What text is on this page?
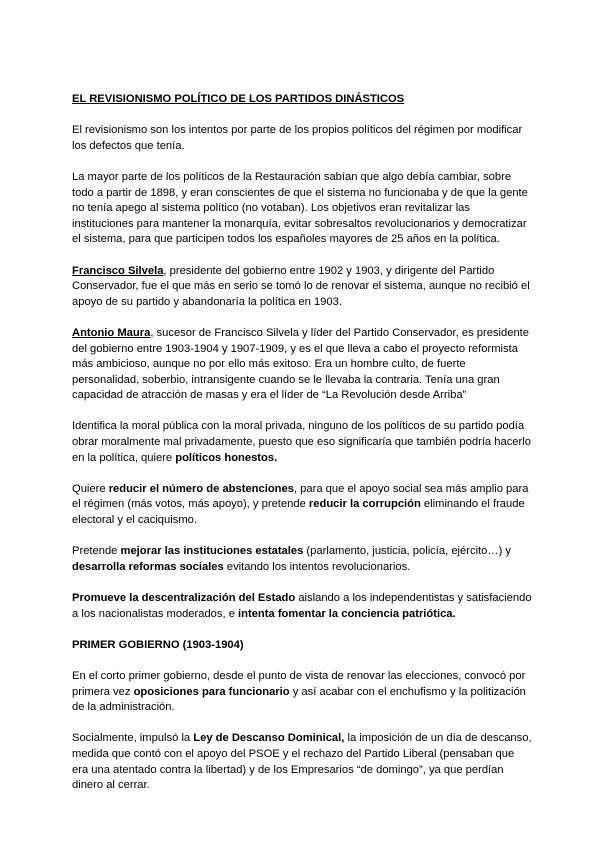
EL REVISIONISMO POLÍTICO DE LOS PARTIDOS DINÁSTICOS

El revisionismo son los intentos por parte de los propios políticos del régimen por modificar los defectos que tenía.

La mayor parte de los políticos de la Restauración sabían que algo debía cambiar, sobre todo a partir de 1898, y eran conscientes de que el sistema no funcionaba y de que la gente no tenía apego al sistema político (no votaban). Los objetivos eran revitalizar las instituciones para mantener la monarquía, evitar sobresaltos revolucionarios y democratizar el sistema, para que participen todos los españoles mayores de 25 años en la política.

Francisco Silvela, presidente del gobierno entre 1902 y 1903, y dirigente del Partido Conservador, fue el que más en serio se tomó lo de renovar el sistema, aunque no recibió el apoyo de su partido y abandonaría la política en 1903.

Antonio Maura, sucesor de Francisco Silvela y líder del Partido Conservador, es presidente del gobierno entre 1903-1904 y 1907-1909, y es el que lleva a cabo el proyecto reformista más ambicioso, aunque no por ello más exitoso. Era un hombre culto, de fuerte personalidad, soberbio, intransigente cuando se le llevaba la contraria. Tenía una gran capacidad de atracción de masas y era el líder de “La Revolución desde Arriba”

Identifica la moral pública con la moral privada, ninguno de los políticos de su partido podía obrar moralmente mal privadamente, puesto que eso significaría que también podría hacerlo en la política, quiere políticos honestos.

Quiere reducir el número de abstenciones, para que el apoyo social sea más amplio para el régimen (más votos, más apoyo), y pretende reducir la corrupción eliminando el fraude electoral y el caciquismo.

Pretende mejorar las instituciones estatales (parlamento, justicia, policía, ejército…) y desarrolla reformas sociales evitando los intentos revolucionarios.

Promueve la descentralización del Estado aislando a los independentistas y satisfaciendo a los nacionalistas moderados, e intenta fomentar la conciencia patriótica.

PRIMER GOBIERNO (1903-1904)

En el corto primer gobierno, desde el punto de vista de renovar las elecciones, convocó por primera vez oposiciones para funcionario y así acabar con el enchufismo y la politización de la administración.

Socialmente, impulsó la Ley de Descanso Dominical, la imposición de un día de descanso, medida que contó con el apoyo del PSOE y el rechazo del Partido Liberal (pensaban que era una atentado contra la libertad) y de los Empresarios “de domingo”, ya que perdían dinero al cerrar.
